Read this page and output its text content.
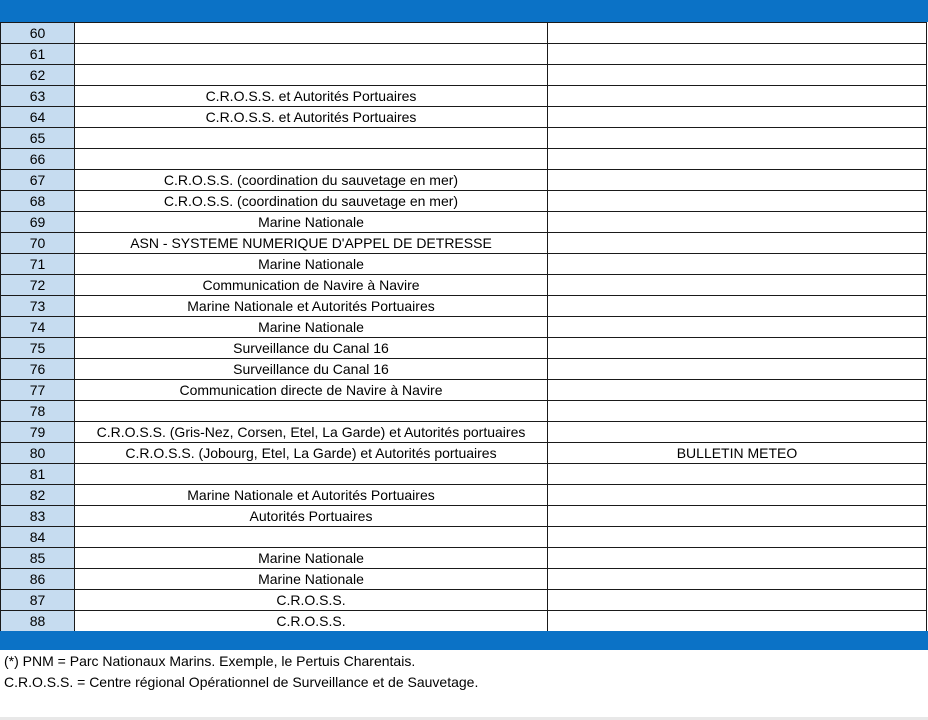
60		
61		
62		
63	C.R.O.S.S. et Autorités Portuaires	
64	C.R.O.S.S. et Autorités Portuaires	
65		
66		
67	C.R.O.S.S. (coordination du sauvetage en mer)	
68	C.R.O.S.S. (coordination du sauvetage en mer)	
69	Marine Nationale	
70	ASN - SYSTEME NUMERIQUE D'APPEL DE DETRESSE	
71	Marine Nationale	
72	Communication de Navire à Navire	
73	Marine Nationale et Autorités Portuaires	
74	Marine Nationale	
75	Surveillance du Canal 16	
76	Surveillance du Canal 16	
77	Communication directe de Navire à Navire	
78		
79	C.R.O.S.S. (Gris-Nez, Corsen, Etel, La Garde) et Autorités portuaires	
80	C.R.O.S.S. (Jobourg, Etel, La Garde) et Autorités portuaires	BULLETIN METEO
81		
82	Marine Nationale et Autorités Portuaires	
83	Autorités Portuaires	
84		
85	Marine Nationale	
86	Marine Nationale	
87	C.R.O.S.S.	
88	C.R.O.S.S.	
(*) PNM = Parc Nationaux Marins. Exemple, le Pertuis Charentais.
C.R.O.S.S. = Centre régional Opérationnel de Surveillance et de Sauvetage.
